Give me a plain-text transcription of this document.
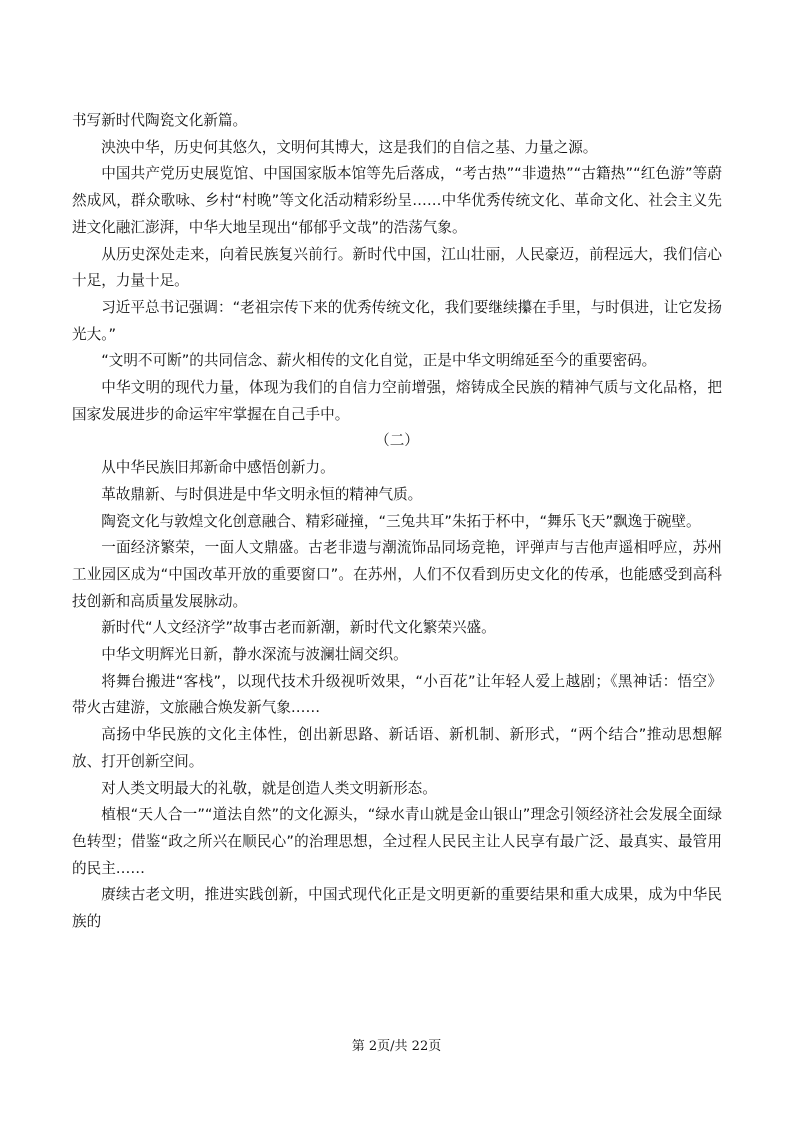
书写新时代陶瓷文化新篇。

泱泱中华，历史何其悠久，文明何其博大，这是我们的自信之基、力量之源。

中国共产党历史展览馆、中国国家版本馆等先后落成，“考古热”“非遗热”“古籍热”“红色游”等蔚然成风，群众歌咏、乡村“村晚”等文化活动精彩纷呈……中华优秀传统文化、革命文化、社会主义先进文化融汇澎湃，中华大地呈现出“郁郁乎文哉”的浩荡气象。

从历史深处走来，向着民族复兴前行。新时代中国，江山壮丽，人民豪迈，前程远大，我们信心十足，力量十足。

习近平总书记强调：“老祖宗传下来的优秀传统文化，我们要继续攥在手里，与时俱进，让它发扬光大。”

“文明不可断”的共同信念、薪火相传的文化自觉，正是中华文明绵延至今的重要密码。

中华文明的现代力量，体现为我们的自信力空前增强，熔铸成全民族的精神气质与文化品格，把国家发展进步的命运牢牢掌握在自己手中。

（二）

从中华民族旧邦新命中感悟创新力。

革故鼎新、与时俱进是中华文明永恒的精神气质。

陶瓷文化与敦煌文化创意融合、精彩碰撞，“三兔共耳”朱拓于杯中，“舞乐飞天”飘逸于碗壁。

一面经济繁荣，一面人文鼎盛。古老非遗与潮流饰品同场竞艳，评弹声与吉他声遥相呼应，苏州工业园区成为“中国改革开放的重要窗口”。在苏州，人们不仅看到历史文化的传承，也能感受到高科技创新和高质量发展脉动。

新时代“人文经济学”故事古老而新潮，新时代文化繁荣兴盛。

中华文明辉光日新，静水深流与波澜壮阔交织。

将舞台搬进“客栈”，以现代技术升级视听效果，“小百花”让年轻人爱上越剧；《黑神话：悟空》带火古建游，文旅融合焕发新气象……

高扬中华民族的文化主体性，创出新思路、新话语、新机制、新形式，“两个结合”推动思想解放、打开创新空间。

对人类文明最大的礼敬，就是创造人类文明新形态。

植根“天人合一”“道法自然”的文化源头，“绿水青山就是金山银山”理念引领经济社会发展全面绿色转型；借鉴“政之所兴在顺民心”的治理思想，全过程人民民主让人民享有最广泛、最真实、最管用的民主……

赓续古老文明，推进实践创新，中国式现代化正是文明更新的重要结果和重大成果，成为中华民族的

第 2页/共 22页
